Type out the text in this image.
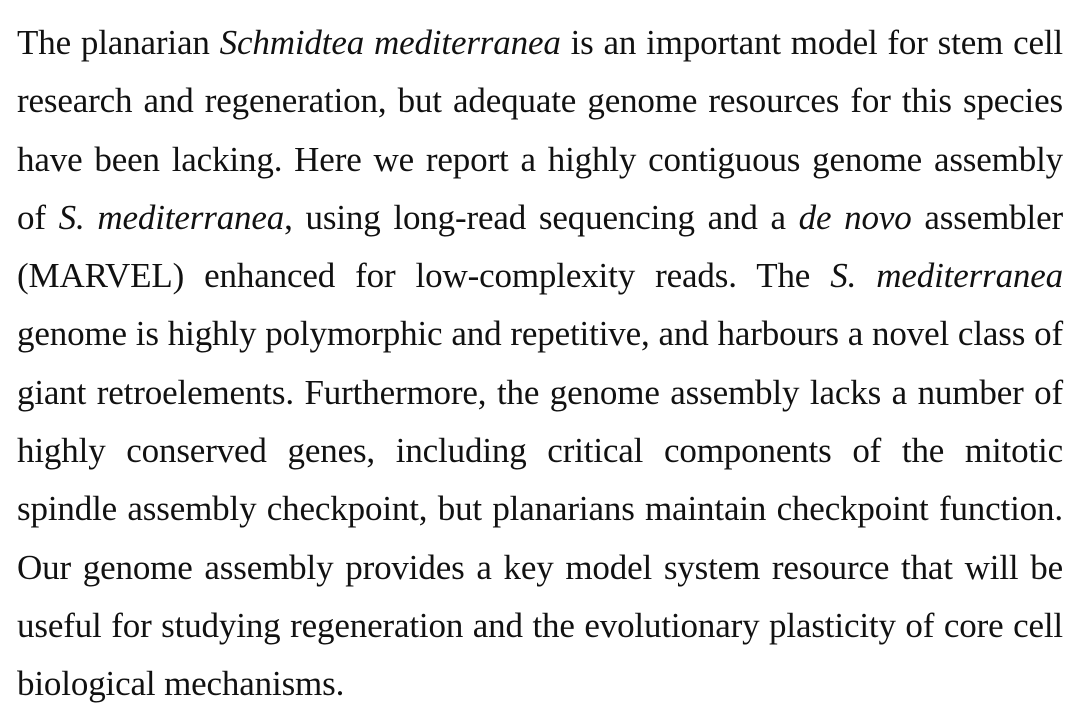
The planarian Schmidtea mediterranea is an important model for stem cell research and regeneration, but adequate genome resources for this species have been lacking. Here we report a highly contiguous genome assembly of S. mediterranea, using long-read sequencing and a de novo assembler (MARVEL) enhanced for low-complexity reads. The S. mediterranea genome is highly polymorphic and repetitive, and harbours a novel class of giant retroelements. Furthermore, the genome assembly lacks a number of highly conserved genes, including critical components of the mitotic spindle assembly checkpoint, but planarians maintain checkpoint function. Our genome assembly provides a key model system resource that will be useful for studying regeneration and the evolutionary plasticity of core cell biological mechanisms.
